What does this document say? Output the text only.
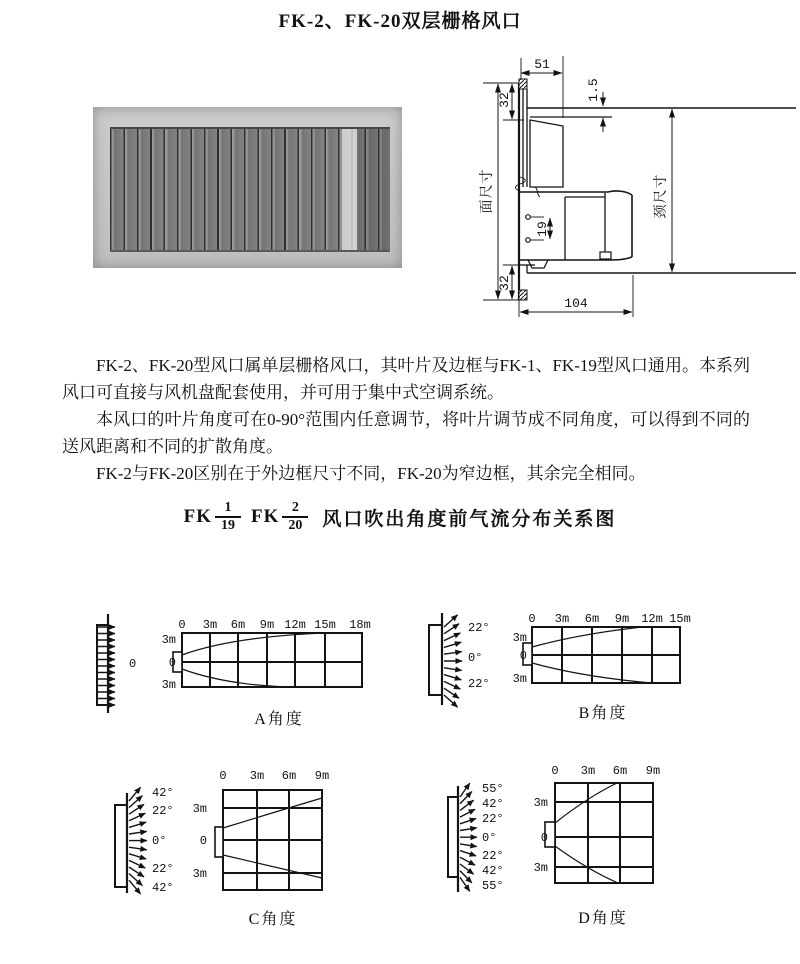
FK-2、FK-20双层栅格风口
51
1.5
32
面尺寸	颈尺寸
19
32
104

FK-2、FK-20型风口属单层栅格风口，其叶片及边框与FK-1、FK-19型风口通用。本系列风口可直接与风机盘配套使用，并可用于集中式空调系统。

本风口的叶片角度可在0-90°范围内任意调节，将叶片调节成不同角度，可以得到不同的送风距离和不同的扩散角度。

FK-2与FK-20区别在于外边框尺寸不同，FK-20为窄边框，其余完全相同。

FK $\frac{1}{19}$ FK $\frac{2}{20}$ 风口吹出角度前气流分布关系图
0
0 3m 6m 9m 12m 15m 18m
3m
0
3m
A角度
22°
0°
22°
0 3m 6m 9m 12m 15m
3m
0
3m
B角度
42°
22°
0°
22°
42°
0 3m 6m 9m
3m
0
3m
C角度
55°
42°
22°
0°
22°
42°
55°
0 3m 6m 9m
3m
0
3m
D角度
